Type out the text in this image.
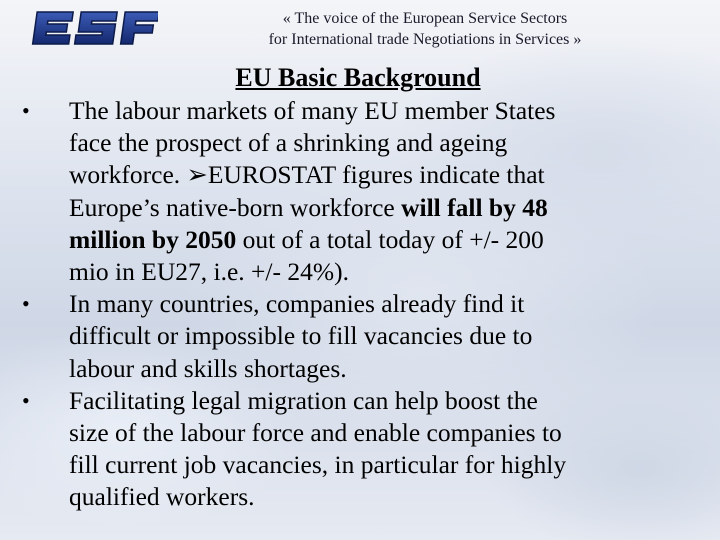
« The voice of the European Service Sectors
for International trade Negotiations in Services »
EU Basic Background
• The labour markets of many EU member States
face the prospect of a shrinking and ageing
workforce. ➢EUROSTAT figures indicate that
Europe’s native-born workforce will fall by 48
million by 2050 out of a total today of +/- 200
mio in EU27, i.e. +/- 24%).
• In many countries, companies already find it
difficult or impossible to fill vacancies due to
labour and skills shortages.
• Facilitating legal migration can help boost the
size of the labour force and enable companies to
fill current job vacancies, in particular for highly
qualified workers.
